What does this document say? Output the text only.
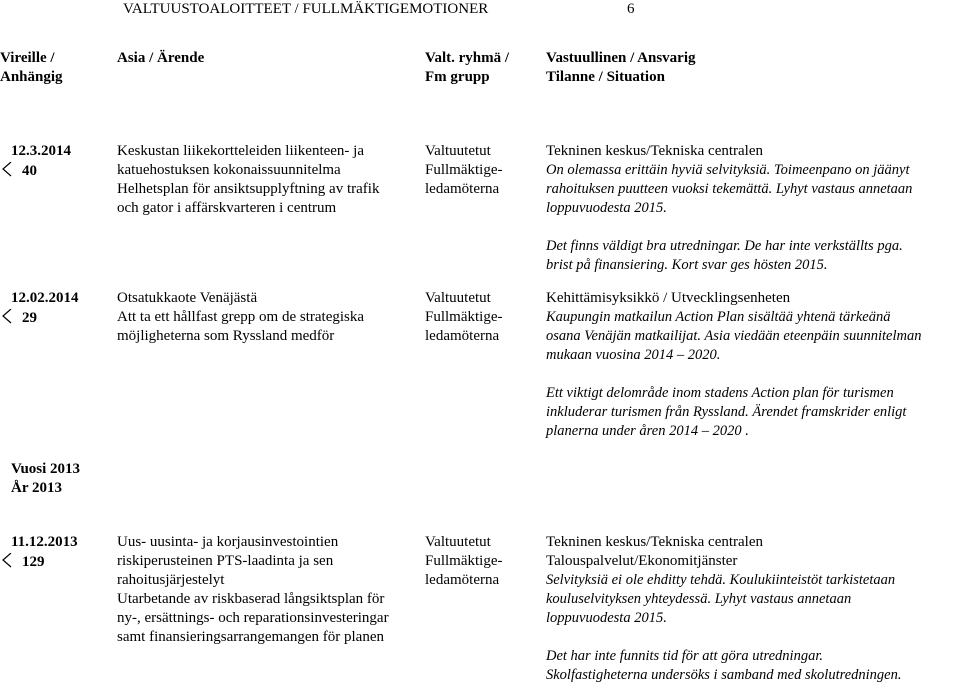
VALTUUSTOALOITTEET / FULLMÄKTIGEMOTIONER	6
Vireille /
Anhängig
Asia / Ärende	Valt. ryhmä /
Fm grupp
Vastuullinen / Ansvarig
Tilanne / Situation
12.3.2014
40
Keskustan liikekortteleiden liikenteen- ja
katuehostuksen kokonaissuunnitelma
Helhetsplan för ansiktsupplyftning av trafik
och gator i affärskvarteren i centrum
Valtuutetut
Fullmäktige-
ledamöterna
Tekninen keskus/Tekniska centralen
On olemassa erittäin hyviä selvityksiä. Toimeenpano on jäänyt
rahoituksen puutteen vuoksi tekemättä. Lyhyt vastaus annetaan
loppuvuodesta 2015.
Det finns väldigt bra utredningar. De har inte verkställts pga.
brist på finansiering. Kort svar ges hösten 2015.
12.02.2014
29
Otsatukkaote Venäjästä
Att ta ett hållfast grepp om de strategiska
möjligheterna som Ryssland medför
Valtuutetut
Fullmäktige-
ledamöterna
Kehittämisyksikkö / Utvecklingsenheten
Kaupungin matkailun Action Plan sisältää yhtenä tärkeänä
osana Venäjän matkailijat. Asia viedään eteenpäin suunnitelman
mukaan vuosina 2014 – 2020.
Ett viktigt delområde inom stadens Action plan för turismen
inkluderar turismen från Ryssland. Ärendet framskrider enligt
planerna under åren 2014 – 2020 .
Vuosi 2013
År 2013
11.12.2013
129
Uus- uusinta- ja korjausinvestointien
riskiperusteinen PTS-laadinta ja sen
rahoitusjärjestelyt
Utarbetande av riskbaserad långsiktsplan för
ny-, ersättnings- och reparationsinvesteringar
samt finansieringsarrangemangen för planen
Valtuutetut
Fullmäktige-
ledamöterna
Tekninen keskus/Tekniska centralen
Talouspalvelut/Ekonomitjänster
Selvityksiä ei ole ehditty tehdä. Koulukiinteistöt tarkistetaan
kouluselvityksen yhteydessä. Lyhyt vastaus annetaan
loppuvuodesta 2015.
Det har inte funnits tid för att göra utredningar.
Skolfastigheterna undersöks i samband med skolutredningen.
